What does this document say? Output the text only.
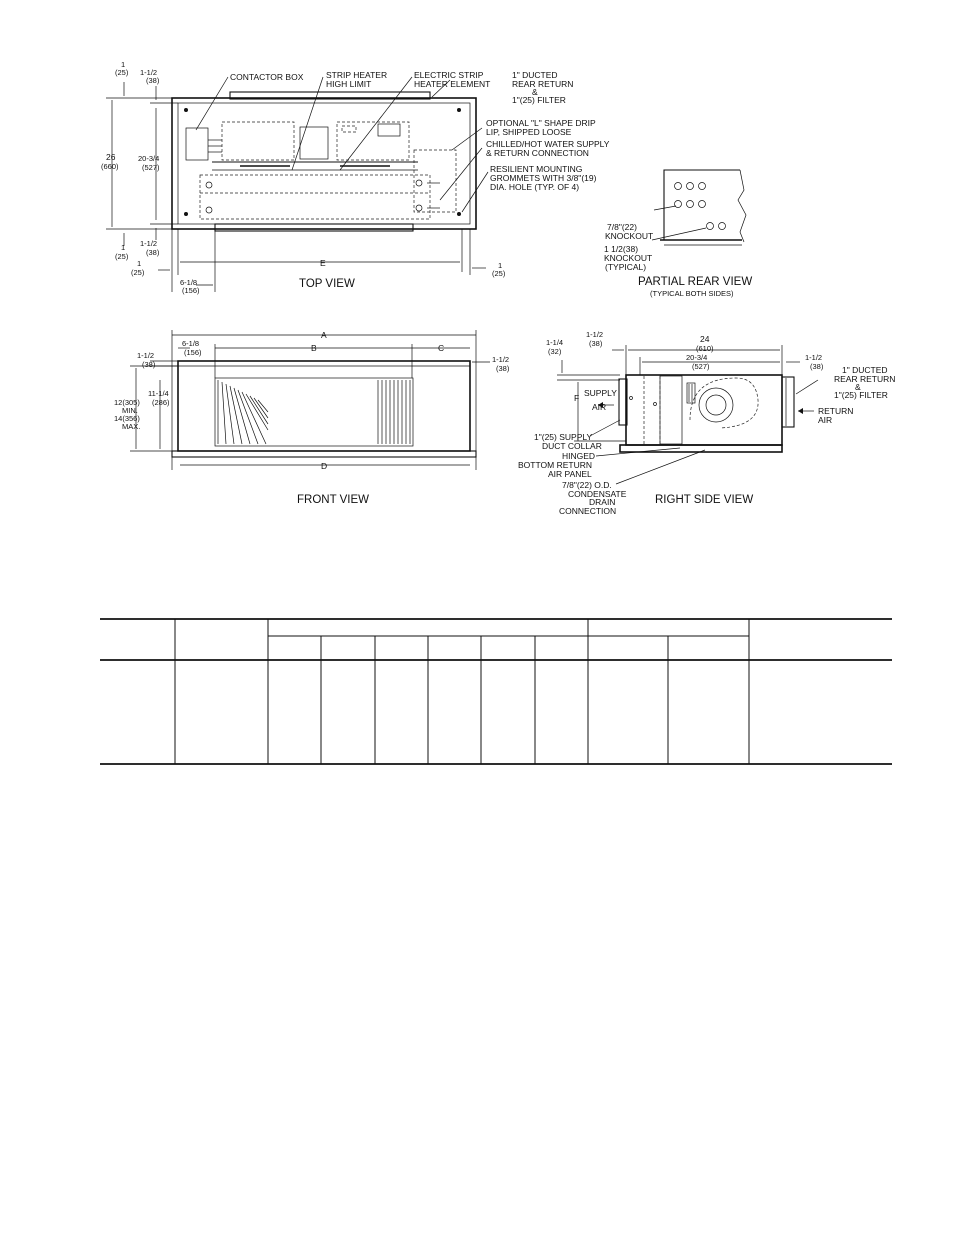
CONTACTOR BOX	STRIP HEATER
HIGH LIMIT
ELECTRIC STRIP
HEATER ELEMENT
1" DUCTED
REAR RETURN
&
1"(25) FILTER
OPTIONAL "L" SHAPE DRIP
LIP, SHIPPED LOOSE
CHILLED/HOT WATER SUPPLY
& RETURN CONNECTION
RESILIENT MOUNTING
GROMMETS WITH 3/8"(19)
DIA. HOLE (TYP. OF 4)
1
(25) 1-1/2
(38)
26
(660)
20-3/4
(527)
1-1/2
(38)
1
(25)
1
(25)
E	1
(25)
6-1/8
(156)
TOP VIEW
7/8"(22)
KNOCKOUT
1 1/2(38)
KNOCKOUT
(TYPICAL)
PARTIAL REAR VIEW
(TYPICAL BOTH SIDES)
A
B	C
D
6-1/8
(156)
1-1/2
(38)
1-1/2
(38)
11-1/4
(286)
12(305)
MIN.
14(356)
MAX.
FRONT VIEW
1-1/4
(32)
1-1/2
(38)	24
(610)
20-3/4
(527)
1-1/2
(38)
F SUPPLY
AIR	RETURN
AIR
1" DUCTED
REAR RETURN
&
1"(25) FILTER
1"(25) SUPPLY
DUCT COLLAR
HINGED
BOTTOM RETURN
AIR PANEL
7/8"(22) O.D.
CONDENSATE
DRAIN
CONNECTION
RIGHT SIDE VIEW
